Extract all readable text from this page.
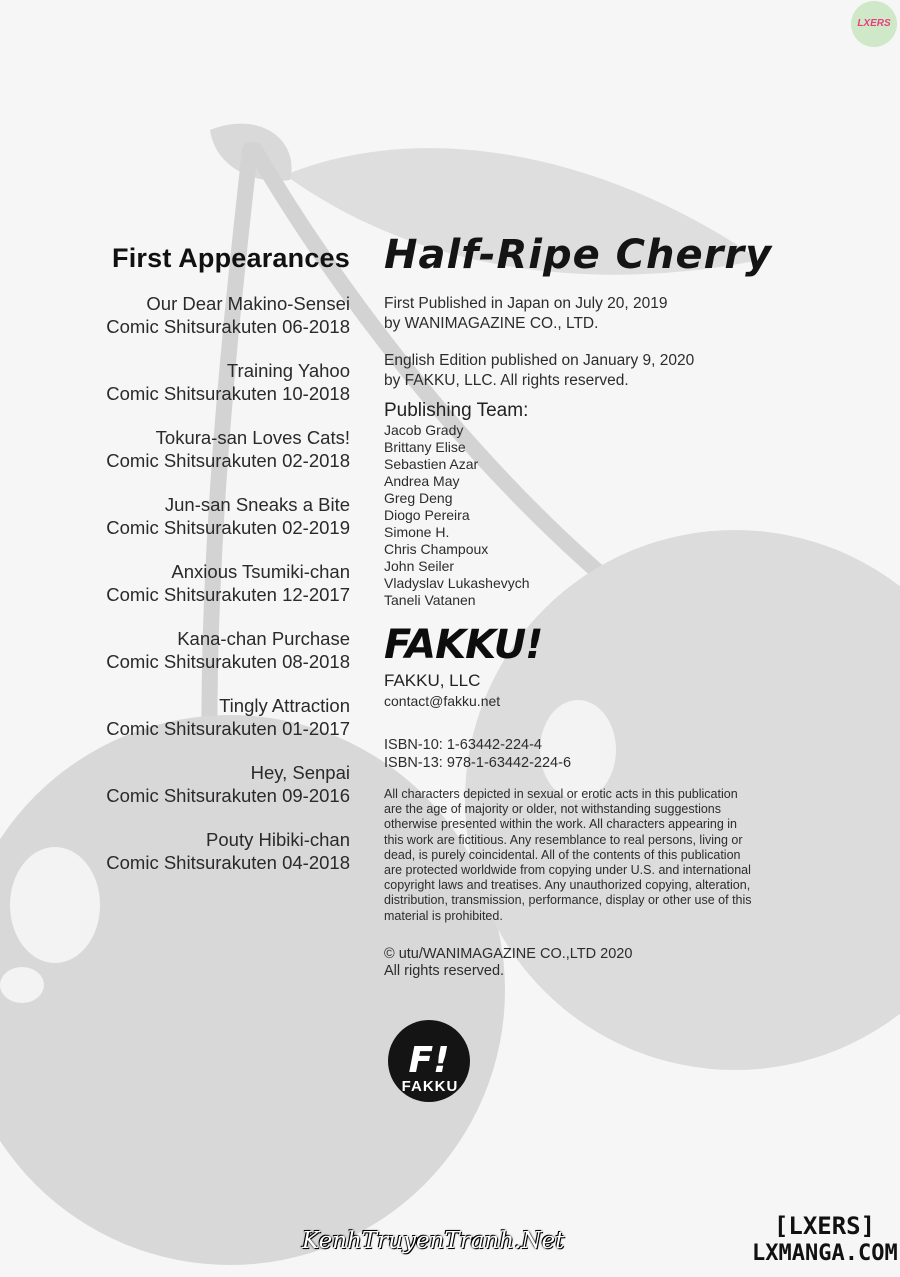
LXERS
First Appearances
Our Dear Makino-Sensei
Comic Shitsurakuten 06-2018
Training Yahoo
Comic Shitsurakuten 10-2018
Tokura-san Loves Cats!
Comic Shitsurakuten 02-2018
Jun-san Sneaks a Bite
Comic Shitsurakuten 02-2019
Anxious Tsumiki-chan
Comic Shitsurakuten 12-2017
Kana-chan Purchase
Comic Shitsurakuten 08-2018
Tingly Attraction
Comic Shitsurakuten 01-2017
Hey, Senpai
Comic Shitsurakuten 09-2016
Pouty Hibiki-chan
Comic Shitsurakuten 04-2018
Half-Ripe Cherry
First Published in Japan on July 20, 2019
by WANIMAGAZINE CO., LTD.
English Edition published on January 9, 2020
by FAKKU, LLC. All rights reserved.
Publishing Team:
Jacob Grady
Brittany Elise
Sebastien Azar
Andrea May
Greg Deng
Diogo Pereira
Simone H.
Chris Champoux
John Seiler
Vladyslav Lukashevych
Taneli Vatanen
FAKKU!
FAKKU, LLC
contact@fakku.net
ISBN-10: 1-63442-224-4
ISBN-13: 978-1-63442-224-6
All characters depicted in sexual or erotic acts in this publication are the age of majority or older, not withstanding suggestions otherwise presented within the work. All characters appearing in this work are fictitious. Any resemblance to real persons, living or dead, is purely coincidental. All of the contents of this publication are protected worldwide from copying under U.S. and international copyright laws and treatises. Any unauthorized copying, alteration, distribution, transmission, performance, display or other use of this material is prohibited.
© utu/WANIMAGAZINE CO.,LTD 2020
All rights reserved.
F!
FAKKU
KenhTruyenTranh.Net
[LXERS]
LXMANGA.COM
